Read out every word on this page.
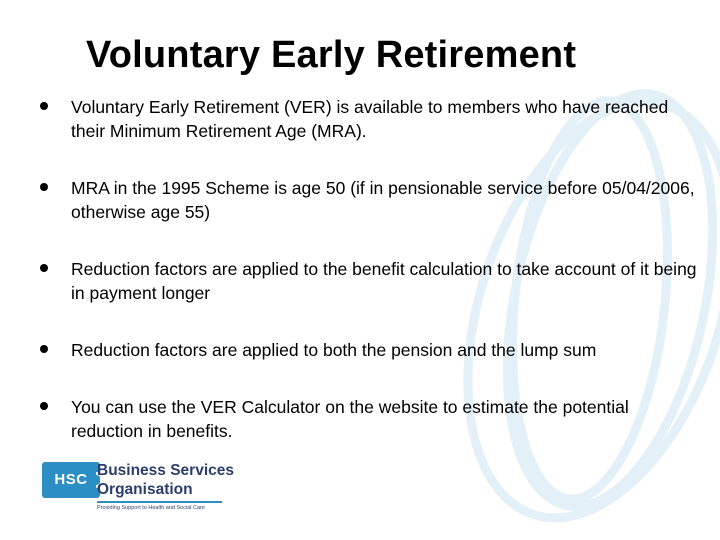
Voluntary Early Retirement
Voluntary Early Retirement (VER) is available to members who have reached their Minimum Retirement Age (MRA).
MRA in the 1995 Scheme is age 50 (if in pensionable service before 05/04/2006, otherwise age 55)
Reduction factors are applied to the benefit calculation to take account of it being in payment longer
Reduction factors are applied to both the pension and the lump sum
You can use the VER Calculator on the website to estimate the potential reduction in benefits.
HSC
Business Services
Organisation
Providing Support to Health and Social Care
